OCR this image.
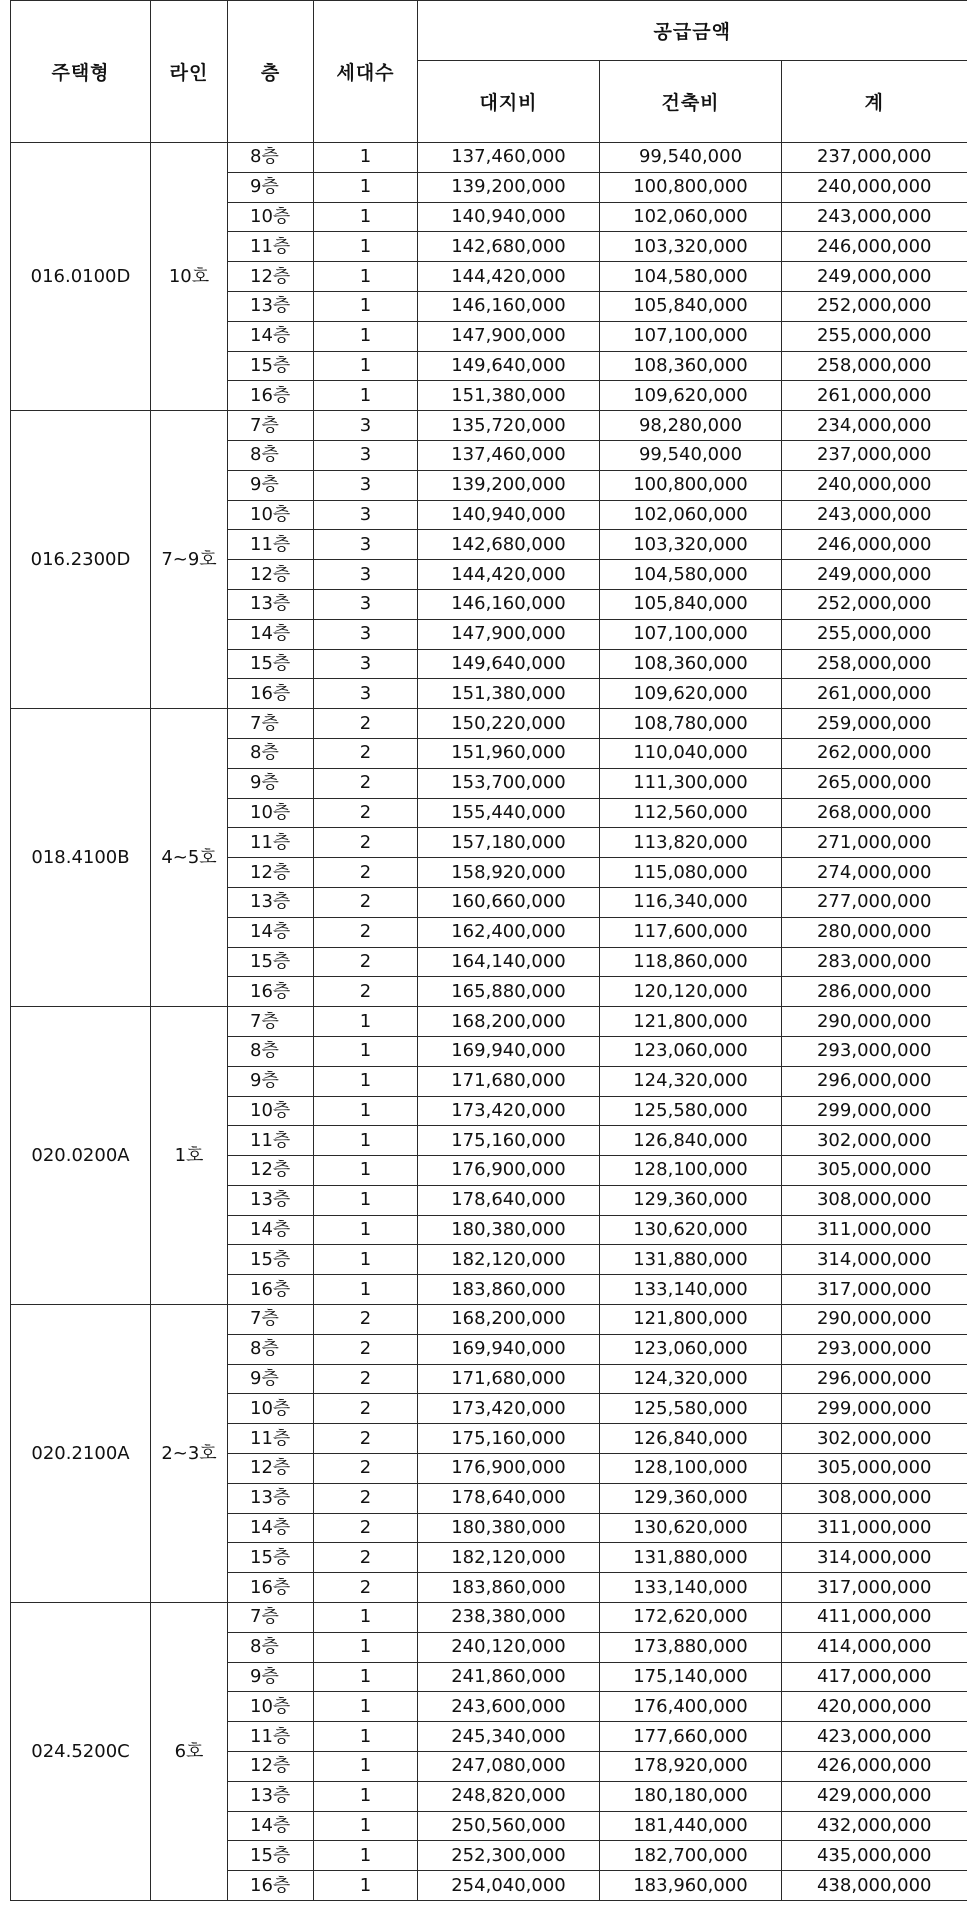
주택형	라인	층	세대수	공급금액		
				대지비	건축비	계
016.0100D	10호	8층	1	137,460,000	99,540,000	237,000,000
		9층	1	139,200,000	100,800,000	240,000,000
		10층	1	140,940,000	102,060,000	243,000,000
		11층	1	142,680,000	103,320,000	246,000,000
		12층	1	144,420,000	104,580,000	249,000,000
		13층	1	146,160,000	105,840,000	252,000,000
		14층	1	147,900,000	107,100,000	255,000,000
		15층	1	149,640,000	108,360,000	258,000,000
		16층	1	151,380,000	109,620,000	261,000,000
016.2300D	7~9호	7층	3	135,720,000	98,280,000	234,000,000
		8층	3	137,460,000	99,540,000	237,000,000
		9층	3	139,200,000	100,800,000	240,000,000
		10층	3	140,940,000	102,060,000	243,000,000
		11층	3	142,680,000	103,320,000	246,000,000
		12층	3	144,420,000	104,580,000	249,000,000
		13층	3	146,160,000	105,840,000	252,000,000
		14층	3	147,900,000	107,100,000	255,000,000
		15층	3	149,640,000	108,360,000	258,000,000
		16층	3	151,380,000	109,620,000	261,000,000
018.4100B	4~5호	7층	2	150,220,000	108,780,000	259,000,000
		8층	2	151,960,000	110,040,000	262,000,000
		9층	2	153,700,000	111,300,000	265,000,000
		10층	2	155,440,000	112,560,000	268,000,000
		11층	2	157,180,000	113,820,000	271,000,000
		12층	2	158,920,000	115,080,000	274,000,000
		13층	2	160,660,000	116,340,000	277,000,000
		14층	2	162,400,000	117,600,000	280,000,000
		15층	2	164,140,000	118,860,000	283,000,000
		16층	2	165,880,000	120,120,000	286,000,000
020.0200A	1호	7층	1	168,200,000	121,800,000	290,000,000
		8층	1	169,940,000	123,060,000	293,000,000
		9층	1	171,680,000	124,320,000	296,000,000
		10층	1	173,420,000	125,580,000	299,000,000
		11층	1	175,160,000	126,840,000	302,000,000
		12층	1	176,900,000	128,100,000	305,000,000
		13층	1	178,640,000	129,360,000	308,000,000
		14층	1	180,380,000	130,620,000	311,000,000
		15층	1	182,120,000	131,880,000	314,000,000
		16층	1	183,860,000	133,140,000	317,000,000
020.2100A	2~3호	7층	2	168,200,000	121,800,000	290,000,000
		8층	2	169,940,000	123,060,000	293,000,000
		9층	2	171,680,000	124,320,000	296,000,000
		10층	2	173,420,000	125,580,000	299,000,000
		11층	2	175,160,000	126,840,000	302,000,000
		12층	2	176,900,000	128,100,000	305,000,000
		13층	2	178,640,000	129,360,000	308,000,000
		14층	2	180,380,000	130,620,000	311,000,000
		15층	2	182,120,000	131,880,000	314,000,000
		16층	2	183,860,000	133,140,000	317,000,000
024.5200C	6호	7층	1	238,380,000	172,620,000	411,000,000
		8층	1	240,120,000	173,880,000	414,000,000
		9층	1	241,860,000	175,140,000	417,000,000
		10층	1	243,600,000	176,400,000	420,000,000
		11층	1	245,340,000	177,660,000	423,000,000
		12층	1	247,080,000	178,920,000	426,000,000
		13층	1	248,820,000	180,180,000	429,000,000
		14층	1	250,560,000	181,440,000	432,000,000
		15층	1	252,300,000	182,700,000	435,000,000
		16층	1	254,040,000	183,960,000	438,000,000
